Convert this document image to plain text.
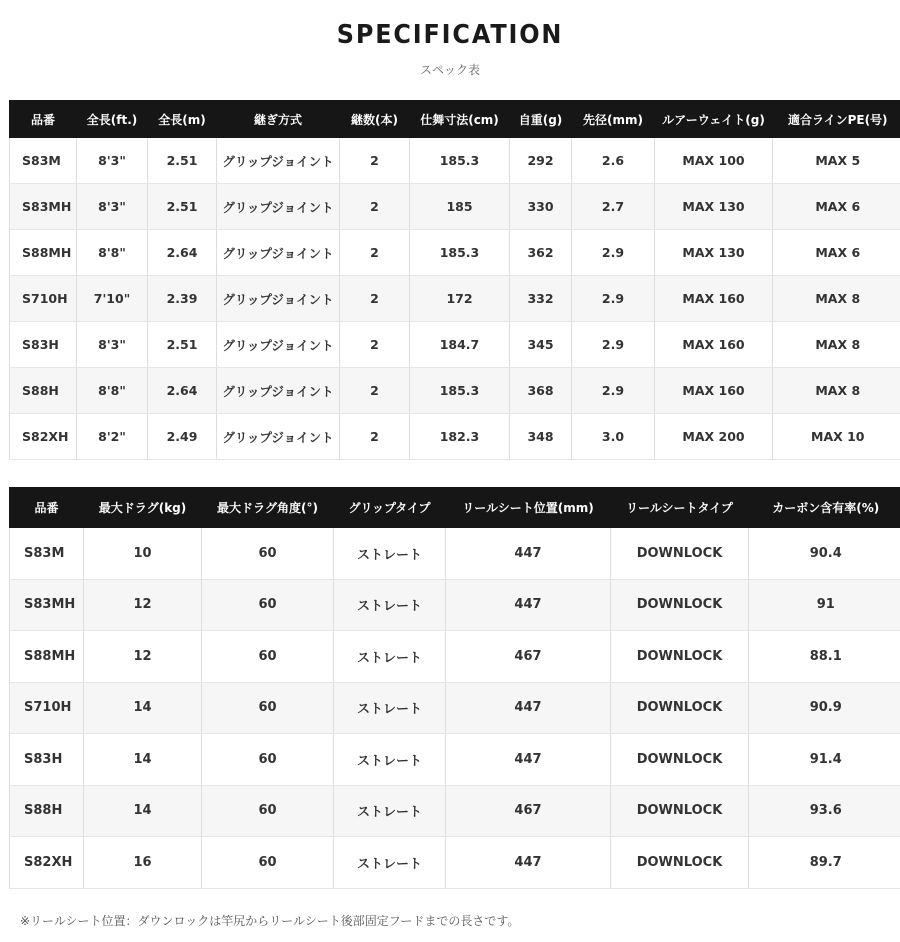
SPECIFICATION
スペック表
品番	全長(ft.)	全長(m)	継ぎ方式	継数(本)	仕舞寸法(cm)	自重(g)	先径(mm)	ルアーウェイト(g)	適合ラインPE(号)
S83M	8'3"	2.51	グリップジョイント	2	185.3	292	2.6	MAX 100	MAX 5
S83MH	8'3"	2.51	グリップジョイント	2	185	330	2.7	MAX 130	MAX 6
S88MH	8'8"	2.64	グリップジョイント	2	185.3	362	2.9	MAX 130	MAX 6
S710H	7'10"	2.39	グリップジョイント	2	172	332	2.9	MAX 160	MAX 8
S83H	8'3"	2.51	グリップジョイント	2	184.7	345	2.9	MAX 160	MAX 8
S88H	8'8"	2.64	グリップジョイント	2	185.3	368	2.9	MAX 160	MAX 8
S82XH	8'2"	2.49	グリップジョイント	2	182.3	348	3.0	MAX 200	MAX 10
品番	最大ドラグ(kg)	最大ドラグ角度(°)	グリップタイプ	リールシート位置(mm)	リールシートタイプ	カーボン含有率(%)
S83M	10	60	ストレート	447	DOWNLOCK	90.4
S83MH	12	60	ストレート	447	DOWNLOCK	91
S88MH	12	60	ストレート	467	DOWNLOCK	88.1
S710H	14	60	ストレート	447	DOWNLOCK	90.9
S83H	14	60	ストレート	447	DOWNLOCK	91.4
S88H	14	60	ストレート	467	DOWNLOCK	93.6
S82XH	16	60	ストレート	447	DOWNLOCK	89.7
※リールシート位置：ダウンロックは竿尻からリールシート後部固定フードまでの長さです。
